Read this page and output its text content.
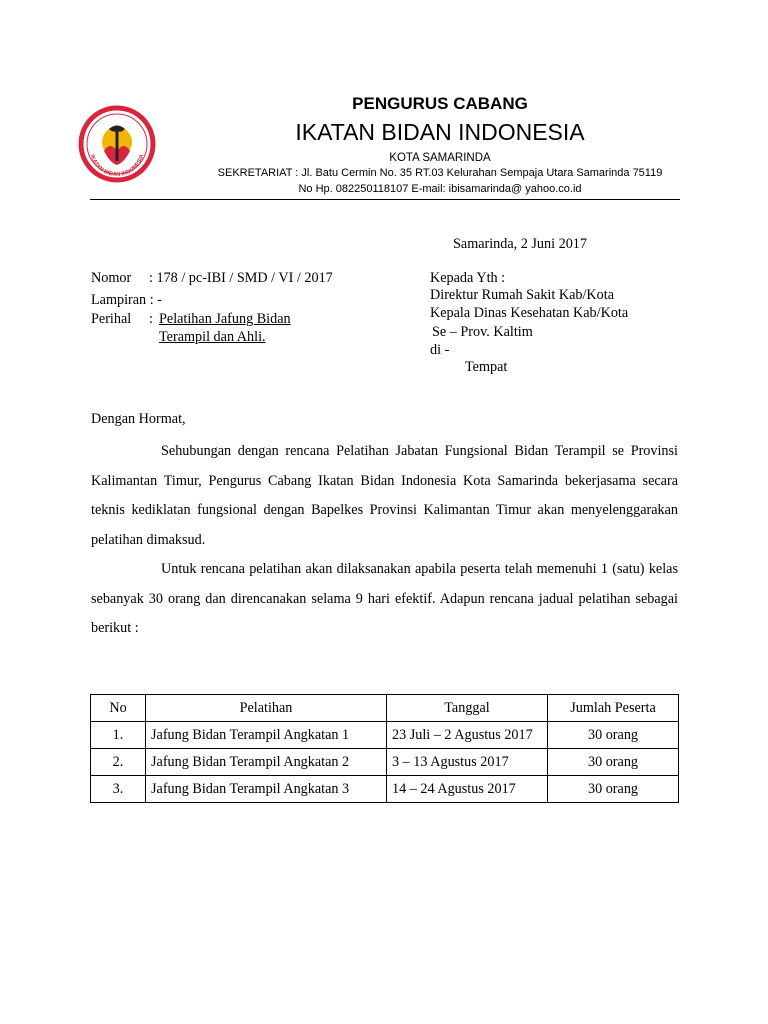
IKATAN BIDAN INDONESIA
PENGURUS CABANG
IKATAN BIDAN INDONESIA
KOTA SAMARINDA
SEKRETARIAT : Jl. Batu Cermin No. 35 RT.03 Kelurahan Sempaja Utara Samarinda 75119
No Hp. 082250118107 E-mail: ibisamarinda@ yahoo.co.id
Samarinda, 2 Juni 2017
Nomor : 178 / pc-IBI / SMD / VI / 2017
Lampiran : -
Perihal : Pelatihan Jafung Bidan
Terampil dan Ahli.
Kepada Yth :
Direktur Rumah Sakit Kab/Kota
Kepala Dinas Kesehatan Kab/Kota
Se – Prov. Kaltim
di -
Tempat
Dengan Hormat,
Sehubungan dengan rencana Pelatihan Jabatan Fungsional Bidan Terampil se Provinsi Kalimantan Timur, Pengurus Cabang Ikatan Bidan Indonesia Kota Samarinda bekerjasama secara teknis kediklatan fungsional dengan Bapelkes Provinsi Kalimantan Timur akan menyelenggarakan pelatihan dimaksud.
Untuk rencana pelatihan akan dilaksanakan apabila peserta telah memenuhi 1 (satu) kelas sebanyak 30 orang dan direncanakan selama 9 hari efektif. Adapun rencana jadual pelatihan sebagai berikut :
No	Pelatihan	Tanggal	Jumlah Peserta
1.	Jafung Bidan Terampil Angkatan 1	23 Juli – 2 Agustus 2017	30 orang
2.	Jafung Bidan Terampil Angkatan 2	3 – 13 Agustus 2017	30 orang
3.	Jafung Bidan Terampil Angkatan 3	14 – 24 Agustus 2017	30 orang
